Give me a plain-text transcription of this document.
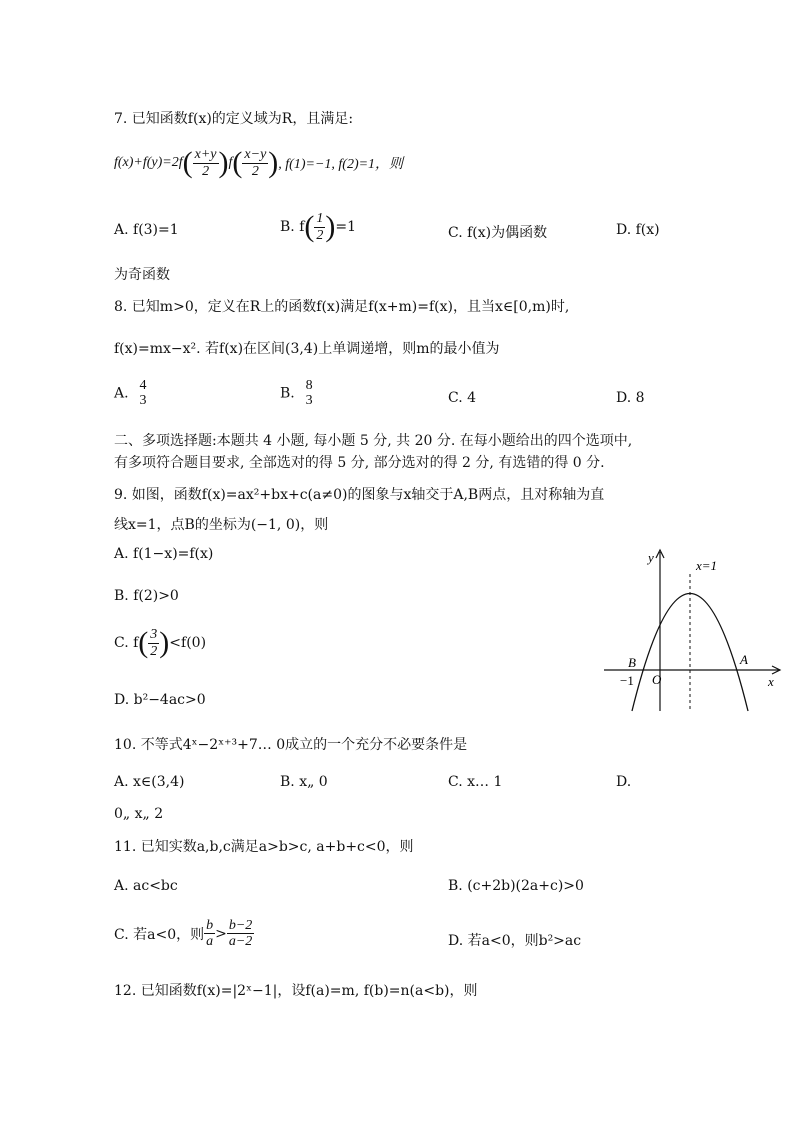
7. 已知函数f(x)的定义域为R，且满足:
$f(x)+f(y)=2f( \frac{x+y}{2} )f( \frac{x-y}{2}$ ), f(1)=−1, f(2)=1，则
A. f(3)=1	B. $f( \frac{1}{2} )=1$	C. f(x)为偶函数	D. f(x)
为奇函数
8. 已知m>0，定义在R上的函数f(x)满足f(x+m)=f(x)，且当x∈[0,m)时,
f(x)=mx−x². 若f(x)在区间(3,4)上单调递增，则m的最小值为
A. 4
3	B. 8
3	C. 4	D. 8
二、多项选择题:本题共 4 小题, 每小题 5 分, 共 20 分. 在每小题给出的四个选项中,
有多项符合题目要求, 全部选对的得 5 分, 部分选对的得 2 分, 有选错的得 0 分.
9. 如图，函数f(x)=ax²+bx+c(a≠0)的图象与x轴交于A,B两点，且对称轴为直
线x=1，点B的坐标为(−1, 0)，则
A. f(1−x)=f(x)
B. f(2)>0
C. $f( \frac{3}{2} )<f(0)$
D. b²−4ac>0
y
x
x=1
O
B	A
−1
10. 不等式4ˣ−2ˣ⁺³+7… 0成立的一个充分不必要条件是
A. x∈(3,4)	B. x„ 0	C. x… 1	D.
0„ x„ 2
11. 已知实数a,b,c满足a>b>c, a+b+c<0，则
A. ac<bc	B. (c+2b)(2a+c)>0
C. 若a<0，则 $\frac{b}{a} > \frac{b-2}{a-2}$	D. 若a<0，则b²>ac
12. 已知函数f(x)=|2ˣ−1|，设f(a)=m, f(b)=n(a<b)，则
